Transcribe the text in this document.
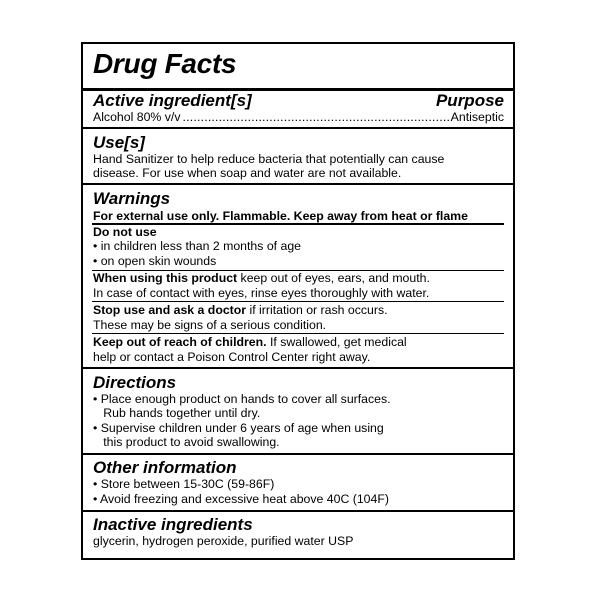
Drug Facts
Active ingredient[s]	Purpose
Alcohol 80% v/v
.....	Antiseptic
Use[s]
Hand Sanitizer to help reduce bacteria that potentially can cause
disease. For use when soap and water are not available.
Warnings
For external use only. Flammable. Keep away from heat or flame
Do not use
• in children less than 2 months of age
• on open skin wounds
When using this product keep out of eyes, ears, and mouth.
In case of contact with eyes, rinse eyes thoroughly with water.
Stop use and ask a doctor if irritation or rash occurs.
These may be signs of a serious condition.
Keep out of reach of children. If swallowed, get medical
help or contact a Poison Control Center right away.
Directions
• Place enough product on hands to cover all surfaces.
Rub hands together until dry.
• Supervise children under 6 years of age when using
this product to avoid swallowing.
Other information
• Store between 15-30C (59-86F)
• Avoid freezing and excessive heat above 40C (104F)
Inactive ingredients
glycerin, hydrogen peroxide, purified water USP
